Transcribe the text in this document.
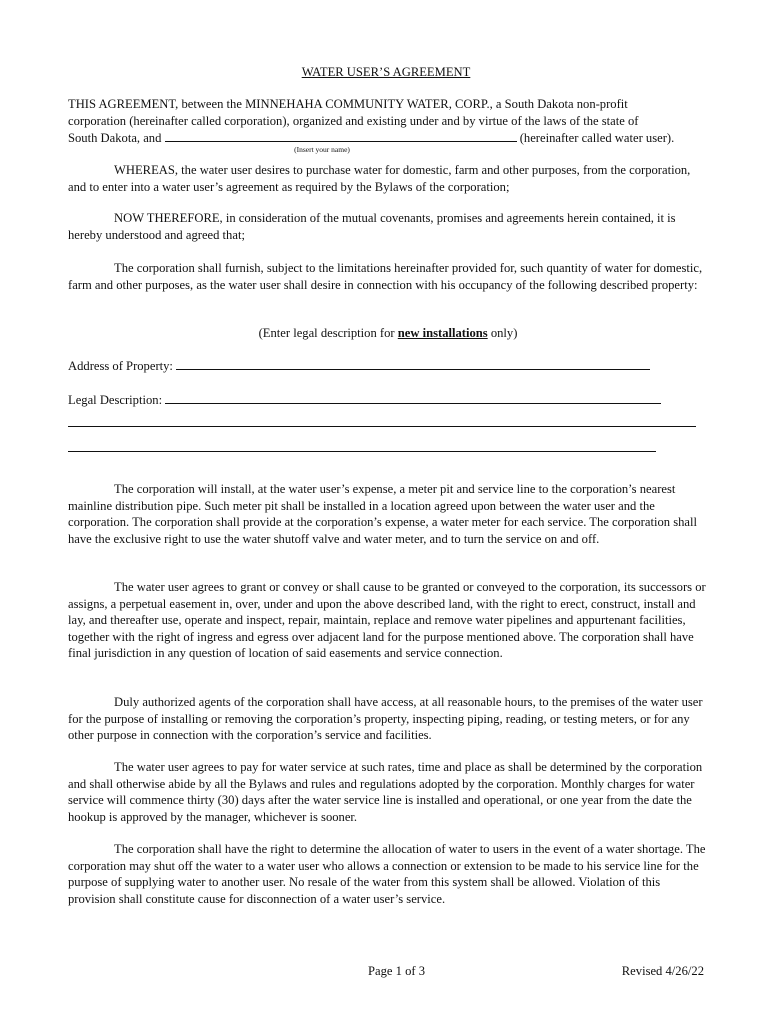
WATER USER’S AGREEMENT
THIS AGREEMENT, between the MINNEHAHA COMMUNITY WATER, CORP., a South Dakota non-profit
corporation (hereinafter called corporation), organized and existing under and by virtue of the laws of the state of
South Dakota, and	(hereinafter called water user).
(Insert your name)
WHEREAS, the water user desires to purchase water for domestic, farm and other purposes, from the corporation, and to enter into a water user’s agreement as required by the Bylaws of the corporation;
NOW THEREFORE, in consideration of the mutual covenants, promises and agreements herein contained, it is hereby understood and agreed that;
The corporation shall furnish, subject to the limitations hereinafter provided for, such quantity of water for domestic, farm and other purposes, as the water user shall desire in connection with his occupancy of the following described property:
(Enter legal description for new installations only)
Address of Property:
Legal Description:
The corporation will install, at the water user’s expense, a meter pit and service line to the corporation’s nearest mainline distribution pipe. Such meter pit shall be installed in a location agreed upon between the water user and the corporation. The corporation shall provide at the corporation’s expense, a water meter for each service. The corporation shall have the exclusive right to use the water shutoff valve and water meter, and to turn the service on and off.
The water user agrees to grant or convey or shall cause to be granted or conveyed to the corporation, its successors or assigns, a perpetual easement in, over, under and upon the above described land, with the right to erect, construct, install and lay, and thereafter use, operate and inspect, repair, maintain, replace and remove water pipelines and appurtenant facilities, together with the right of ingress and egress over adjacent land for the purpose mentioned above. The corporation shall have final jurisdiction in any question of location of said easements and service connection.
Duly authorized agents of the corporation shall have access, at all reasonable hours, to the premises of the water user for the purpose of installing or removing the corporation’s property, inspecting piping, reading, or testing meters, or for any other purpose in connection with the corporation’s service and facilities.
The water user agrees to pay for water service at such rates, time and place as shall be determined by the corporation and shall otherwise abide by all the Bylaws and rules and regulations adopted by the corporation. Monthly charges for water service will commence thirty (30) days after the water service line is installed and operational, or one year from the date the hookup is approved by the manager, whichever is sooner.
The corporation shall have the right to determine the allocation of water to users in the event of a water shortage. The corporation may shut off the water to a water user who allows a connection or extension to be made to his service line for the purpose of supplying water to another user. No resale of the water from this system shall be allowed. Violation of this provision shall constitute cause for disconnection of a water user’s service.
Page 1 of 3	Revised 4/26/22
